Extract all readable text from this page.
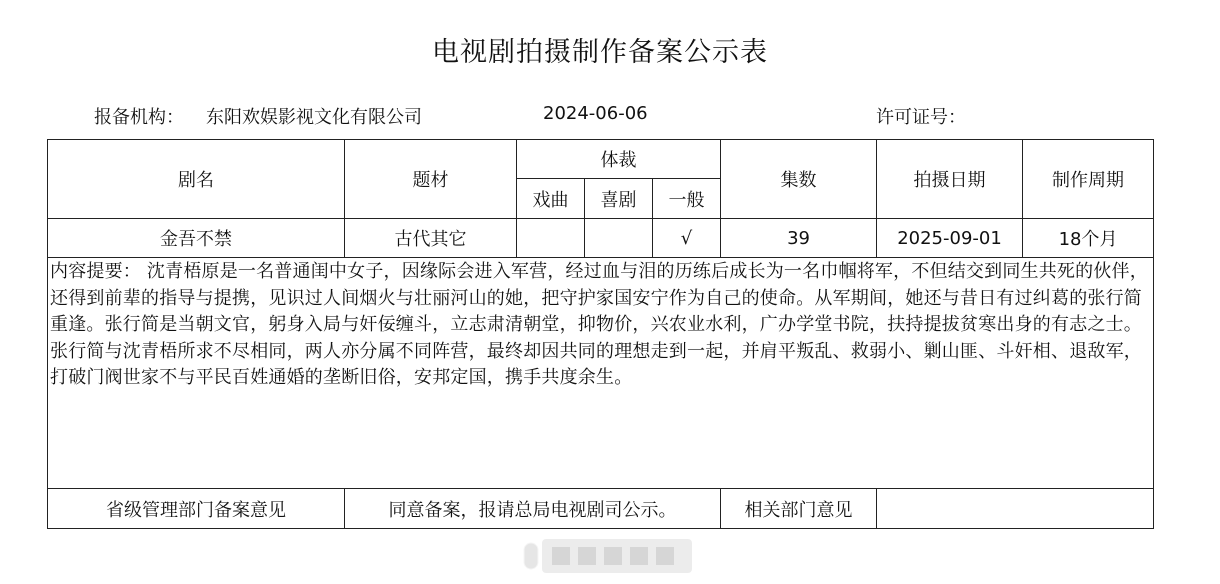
电视剧拍摄制作备案公示表
报备机构： 东阳欢娱影视文化有限公司	2024-06-06	许可证号：
剧名	题材	体裁			集数	拍摄日期	制作周期
		戏曲	喜剧	一般			
金吾不禁	古代其它			√	39	2025-09-01	18个月
内容提要： 沈青梧原是一名普通闺中女子，因缘际会进入军营，经过血与泪的历练后成长为一名巾帼将军，不但结交到同生共死的伙伴，还得到前辈的指导与提携，见识过人间烟火与壮丽河山的她，把守护家国安宁作为自己的使命。从军期间，她还与昔日有过纠葛的张行简重逢。张行简是当朝文官，躬身入局与奸佞缠斗，立志肃清朝堂，抑物价，兴农业水利，广办学堂书院，扶持提拔贫寒出身的有志之士。张行简与沈青梧所求不尽相同，两人亦分属不同阵营，最终却因共同的理想走到一起，并肩平叛乱、救弱小、剿山匪、斗奸相、退敌军，打破门阀世家不与平民百姓通婚的垄断旧俗，安邦定国，携手共度余生。							
省级管理部门备案意见	同意备案，报请总局电视剧司公示。				相关部门意见		
